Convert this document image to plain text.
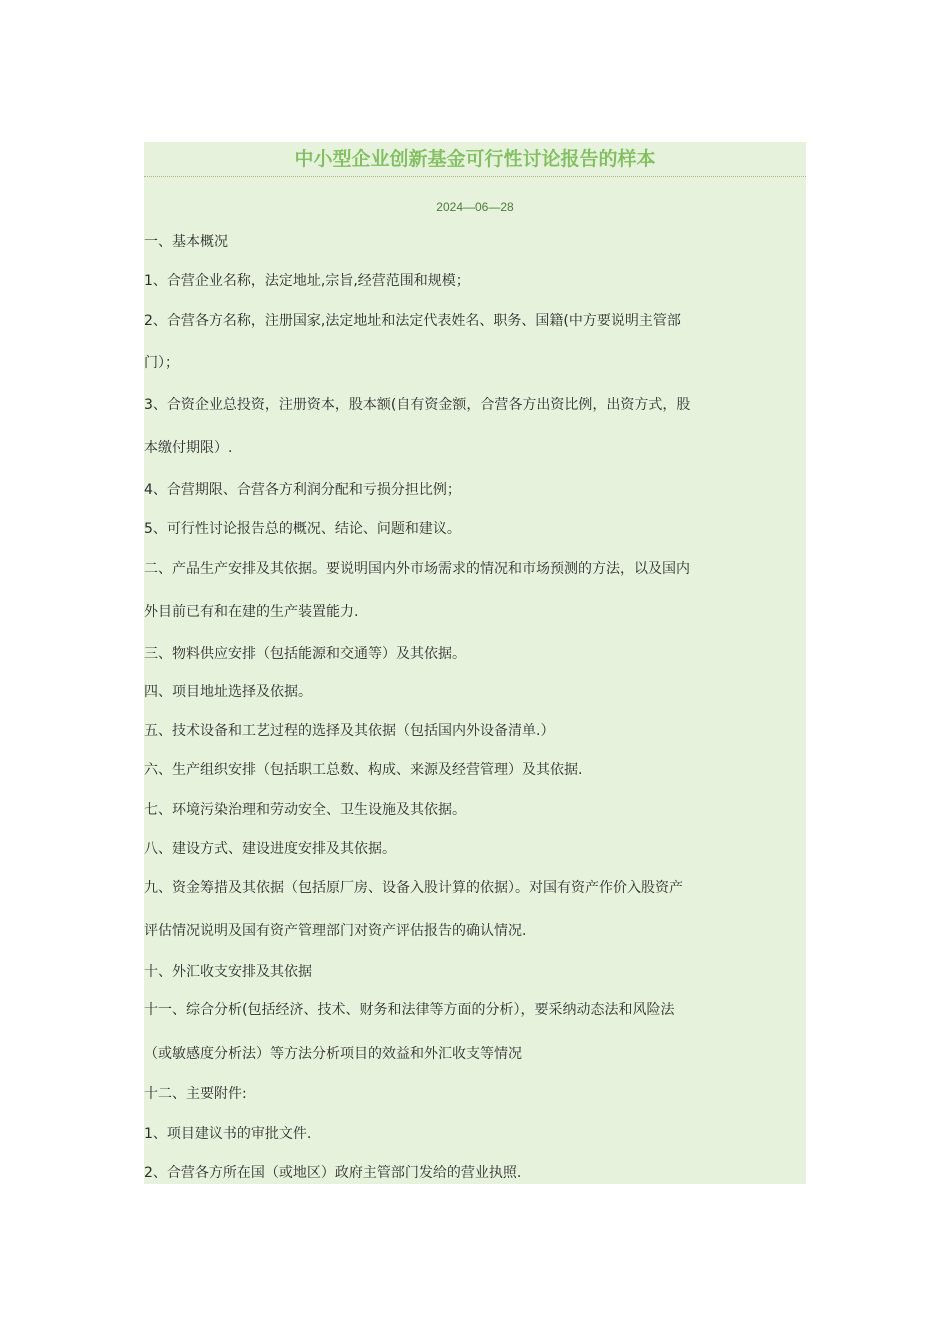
中小型企业创新基金可行性讨论报告的样本
2024—06—28
一、基本概况
1、合营企业名称，法定地址,宗旨,经营范围和规模；
2、合营各方名称，注册国家,法定地址和法定代表姓名、职务、国籍(中方要说明主管部
门）；
3、合资企业总投资，注册资本，股本额(自有资金额，合营各方出资比例，出资方式，股
本缴付期限）.
4、合营期限、合营各方利润分配和亏损分担比例；
5、可行性讨论报告总的概况、结论、问题和建议。
二、产品生产安排及其依据。要说明国内外市场需求的情况和市场预测的方法，以及国内
外目前已有和在建的生产装置能力.
三、物料供应安排（包括能源和交通等）及其依据。
四、项目地址选择及依据。
五、技术设备和工艺过程的选择及其依据（包括国内外设备清单.）
六、生产组织安排（包括职工总数、构成、来源及经营管理）及其依据.
七、环境污染治理和劳动安全、卫生设施及其依据。
八、建设方式、建设进度安排及其依据。
九、资金筹措及其依据（包括原厂房、设备入股计算的依据）。对国有资产作价入股资产
评估情况说明及国有资产管理部门对资产评估报告的确认情况.
十、外汇收支安排及其依据
十一、综合分析(包括经济、技术、财务和法律等方面的分析），要采纳动态法和风险法
（或敏感度分析法）等方法分析项目的效益和外汇收支等情况
十二、主要附件:
1、项目建议书的审批文件.
2、合营各方所在国（或地区）政府主管部门发给的营业执照.
